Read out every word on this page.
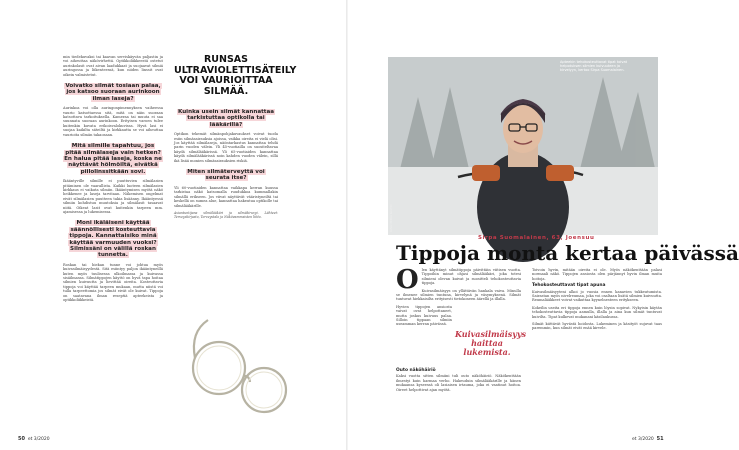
min tiedekuvaksi tai kaavan serviskäyvän paljastin ja voi aiheuttaa näkövirhettä. Optikkoliikkeestä ostetut aurinkolasit ovat aivan laadukkaat ja suojaavat silmiä auringossa ja liikenteessä, kun niiden linssit ovat oikein valmistetut.

Voivatko silmät tosiaan palaa, jos katsoo suoraan aurinkoon ilman laseja?

Aurinkoa voi olla auringonpimennyksen vaiheessa vaurio katsottaessa sitä, mitä on näin suoraan katsottava tarkoituksella. Kameraa tai muuta ei saa suunnata suoraan aurinkoon. Erityisen varoen tulee kuitenkin kuvata erikoisvalokuvissa. Hyvä lasi ei suojaa kaikilta säteiltä ja kirkkautta se voi aiheuttaa vaurioita silmän takaosaan.

Mitä silmille tapahtuu, jos pitää silmälaseja vain hetken? En halua pitää laseja, koska ne näyttävät hölmöiltä, eivätkä piilolinssitkään sovi.

Ikääntyville silmille ei puuttuvien silmälasien pitäminen ole vaarallista. Kaikki luoteen silmälasien kirkkaus ei vaikuta silmiin. Ikääntymisen myötä näkö heikkenee ja laseja tarvitaan. Näkemisen ongelmat eivät silmälasien puutteen takia lisäänny. Ikääntyessä silmiin kohdistuu muutoksia ja silmälasit tasaavat niitä. Oikeat lasit ovat kuitenkin tarpeen mm. ajamisessa ja lukemisessa.

Moni ikäläiseni käyttää säännöllisesti kosteuttavia tippoja. Kannattaisiko minä käyttää varmuuden vuoksi? Silmissäni on välillä roskan tunnetta.

Roskan tai hiekan tunne voi johtua myös kuivasilmäisyydestä. Sitä esiintyy paljon ikääntyneillä kuten myös tuulisessa ulkoilmassa ja kuivassa sisäilmassa. Silmätippojen käyttö on hyvä tapa hoitaa silmien kuivuutta ja lievittää oireita. Kosteuttavia tippoja voi käyttää tarpeen mukaan, mutta niistä voi tulla tarpeettomia jos silmät eivät ole kuivat. Tippoja on saatavana ilman reseptiä apteekeista ja optikkoliikkeistä.

RUNSAS ULTRAVIOLETTISÄTEILY VOI VAURIOITTAA SILMÄÄ.
Kuinka usein silmät kannattaa tarkistuttaa optikolla tai lääkärillä?

Optikon tekemät silmänpohjakuvaukset voivat tuoda esiin silmäsairauksia ajoissa, vaikka oireita ei vielä olisi. Jos käyttää silmälaseja, näöntarkastus kannattaa tehdä parin vuoden välein. Yli 45-vuotiailla on suositeltavaa käydä silmälääkärissä. Yli 65-vuotiaiden kannattaa käydä silmälääkärissä noin kahden vuoden välein, sillä ikä lisää monien silmäsairauksien riskiä.

Miten silmäterveyttä voi seurata itse?

Yli 60-vuotiaiden kannattaa vaikkapa kerran kuussa tarkistaa näkö katsomalla ruudukkoa kummallakin silmällä erikseen. Jos viivat näyttävät vääristyneiltä tai keskellä on sumea alue, kannattaa hakeutua optikolle tai silmälääkärille.

Asiantuntijana silmälääkäri ja silmäkirurgi. Lähteet: Terveyskirjasto, Terveystalo ja Näkövammaisten liitto.

50 et 3/2020
Apteekin tehokosteuttavat tipat toivat helpotuksen silmien kuivuuteen ja kirvelyyn, kertoo Sirpa Suomalainen.
KUVA: PEKKA RAUTIO
Sirpa Suomalainen, 63, Joensuu
Tippoja monta kertaa päivässä

Olen käyttänyt silmätippoja päivittäin viitisen vuotta. Tippoihin minut ohjasi silmälääkäri, joka totesi silmieni olevan kuivat ja suositteli tehokosteuttavia tippoja.

Kuivasilmäisyys on yllättävän hankala vaiva. Minulla se ilmenee silmien tuntuna, kirvelynä ja väsymyksenä. Silmät tuntuvat hiekkaisilta erityisesti tietokoneen äärellä ja illalla.

Hyvien tippojen ansiosta vaivat ovat helpottaneet, mutta joskus kuivuus palaa. Silloin tippaan silmiin useamman kerran päivässä.

Outo näköhäiriö

Kaksi vuotta sitten silmiini tuli outo näköhäiriö. Näkökenttään ilmestyi kuin harmaa verho. Hakeuduin silmälääkärille ja hänen mukaansa kyseessä oli lasiaisen irtauma, joka ei vaatinut hoitoa. Oireet helpottivat ajan myötä.

Kuivasilmäisyys haittaa lukemista.

Toivoin hyvin, mitään oireita ei ole. Myös näkökenttään palasi normaali näkö. Tippojen ansiosta olen pärjännyt hyvin ilman muita hoitoja.

Tehokosteuttavat tipat apuna

Kuivasilmäisyyteni alkoi jo vuosia ennen kanavien tukkeutumista. Sairastan myös nivelreumaa, joka voi osaltaan lisätä silmien kuivuutta. Reumalääkkeet voivat vaikuttaa kyynelnesteen eritykseen.

Kokeilin useita eri tippoja ennen kuin löysin sopivat. Nykyisin käytän tehokosteuttavia tippoja aamulla, illalla ja aina kun silmät tuntuvat kuivilta. Tipat kulkevat mukanani käsilaukussa.

Silmät kiittävät hyvästä hoidosta. Lukeminen ja käsityöt sujuvat taas paremmin, kun silmät eivät enää kirvele.

et 3/2020 51
